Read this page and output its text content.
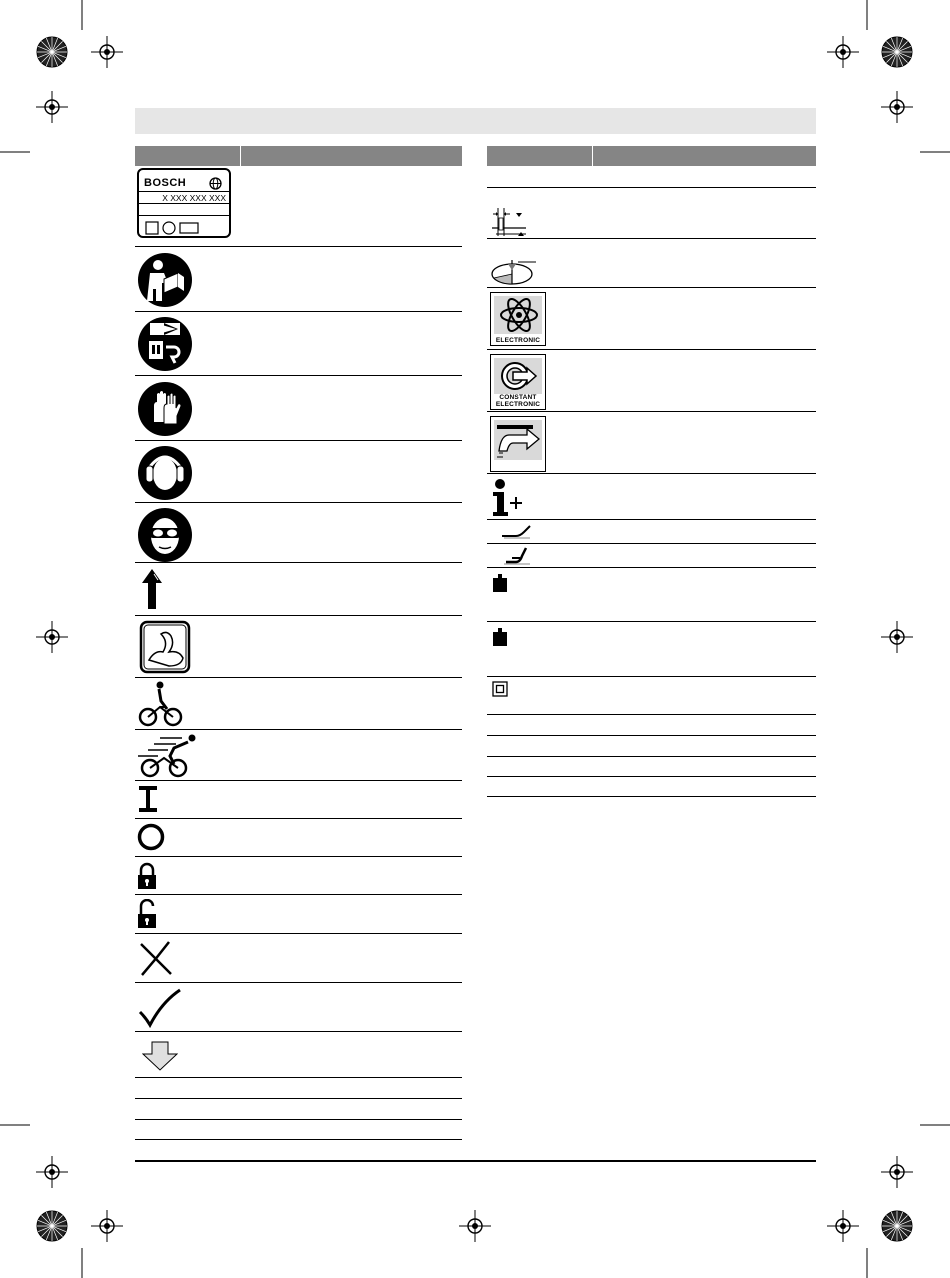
BOSCH
X XXX XXX XXX
ELECTRONIC
CONSTANT
ELECTRONIC
